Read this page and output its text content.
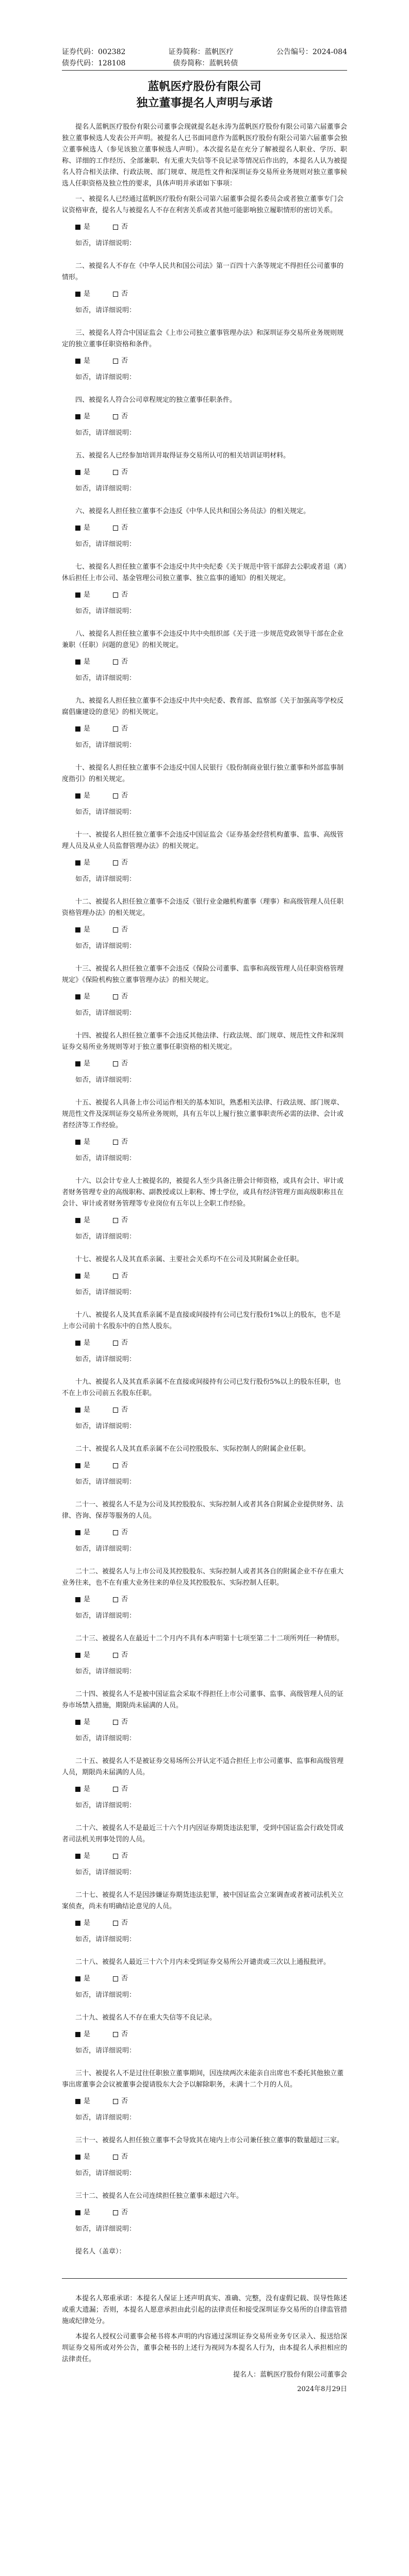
证券代码：002382	证券简称：蓝帆医疗	公告编号：2024-084
债券代码：128108	债券简称：蓝帆转债
蓝帆医疗股份有限公司
独立董事提名人声明与承诺

提名人蓝帆医疗股份有限公司董事会现就提名赵永涛为蓝帆医疗股份有限公司第六届董事会独立董事候选人发表公开声明。被提名人已书面同意作为蓝帆医疗股份有限公司第六届董事会独立董事候选人（参见该独立董事候选人声明）。本次提名是在充分了解被提名人职业、学历、职称、详细的工作经历、全部兼职、有无重大失信等不良记录等情况后作出的，本提名人认为被提名人符合相关法律、行政法规、部门规章、规范性文件和深圳证券交易所业务规则对独立董事候选人任职资格及独立性的要求，具体声明并承诺如下事项：

一、被提名人已经通过蓝帆医疗股份有限公司第六届董事会提名委员会或者独立董事专门会议资格审查，提名人与被提名人不存在利害关系或者其他可能影响独立履职情形的密切关系。
是	否
如否，请详细说明：
二、被提名人不存在《中华人民共和国公司法》第一百四十六条等规定不得担任公司董事的情形。
是	否
如否，请详细说明：
三、被提名人符合中国证监会《上市公司独立董事管理办法》和深圳证券交易所业务规则规定的独立董事任职资格和条件。
是	否
如否，请详细说明：
四、被提名人符合公司章程规定的独立董事任职条件。
是	否
如否，请详细说明：
五、被提名人已经参加培训并取得证券交易所认可的相关培训证明材料。
是	否
如否，请详细说明：
六、被提名人担任独立董事不会违反《中华人民共和国公务员法》的相关规定。
是	否
如否，请详细说明：
七、被提名人担任独立董事不会违反中共中央纪委《关于规范中管干部辞去公职或者退（离）休后担任上市公司、基金管理公司独立董事、独立监事的通知》的相关规定。
是	否
如否，请详细说明：
八、被提名人担任独立董事不会违反中共中央组织部《关于进一步规范党政领导干部在企业兼职（任职）问题的意见》的相关规定。
是	否
如否，请详细说明：
九、被提名人担任独立董事不会违反中共中央纪委、教育部、监察部《关于加强高等学校反腐倡廉建设的意见》的相关规定。
是	否
如否，请详细说明：
十、被提名人担任独立董事不会违反中国人民银行《股份制商业银行独立董事和外部监事制度指引》的相关规定。
是	否
如否，请详细说明：
十一、被提名人担任独立董事不会违反中国证监会《证券基金经营机构董事、监事、高级管理人员及从业人员监督管理办法》的相关规定。
是	否
如否，请详细说明：
十二、被提名人担任独立董事不会违反《银行业金融机构董事（理事）和高级管理人员任职资格管理办法》的相关规定。
是	否
如否，请详细说明：
十三、被提名人担任独立董事不会违反《保险公司董事、监事和高级管理人员任职资格管理规定》《保险机构独立董事管理办法》的相关规定。
是	否
如否，请详细说明：
十四、被提名人担任独立董事不会违反其他法律、行政法规、部门规章、规范性文件和深圳证券交易所业务规则等对于独立董事任职资格的相关规定。
是	否
如否，请详细说明：
十五、被提名人具备上市公司运作相关的基本知识，熟悉相关法律、行政法规、部门规章、规范性文件及深圳证券交易所业务规则，具有五年以上履行独立董事职责所必需的法律、会计或者经济等工作经验。
是	否
如否，请详细说明：
十六、以会计专业人士被提名的，被提名人至少具备注册会计师资格，或具有会计、审计或者财务管理专业的高级职称、副教授或以上职称、博士学位，或具有经济管理方面高级职称且在会计、审计或者财务管理等专业岗位有五年以上全职工作经验。
是	否
如否，请详细说明：
十七、被提名人及其直系亲属、主要社会关系均不在公司及其附属企业任职。
是	否
如否，请详细说明：
十八、被提名人及其直系亲属不是直接或间接持有公司已发行股份1%以上的股东，也不是上市公司前十名股东中的自然人股东。
是	否
如否，请详细说明：
十九、被提名人及其直系亲属不在直接或间接持有公司已发行股份5%以上的股东任职，也不在上市公司前五名股东任职。
是	否
如否，请详细说明：
二十、被提名人及其直系亲属不在公司控股股东、实际控制人的附属企业任职。
是	否
如否，请详细说明：
二十一、被提名人不是为公司及其控股股东、实际控制人或者其各自附属企业提供财务、法律、咨询、保荐等服务的人员。
是	否
如否，请详细说明：
二十二、被提名人与上市公司及其控股股东、实际控制人或者其各自的附属企业不存在重大业务往来，也不在有重大业务往来的单位及其控股股东、实际控制人任职。
是	否
如否，请详细说明：
二十三、被提名人在最近十二个月内不具有本声明第十七项至第二十二项所列任一种情形。
是	否
如否，请详细说明：
二十四、被提名人不是被中国证监会采取不得担任上市公司董事、监事、高级管理人员的证券市场禁入措施，期限尚未届满的人员。
是	否
如否，请详细说明：
二十五、被提名人不是被证券交易场所公开认定不适合担任上市公司董事、监事和高级管理人员，期限尚未届满的人员。
是	否
如否，请详细说明：
二十六、被提名人不是最近三十六个月内因证券期货违法犯罪，受到中国证监会行政处罚或者司法机关刑事处罚的人员。
是	否
如否，请详细说明：
二十七、被提名人不是因涉嫌证券期货违法犯罪，被中国证监会立案调查或者被司法机关立案侦查，尚未有明确结论意见的人员。
是	否
如否，请详细说明：
二十八、被提名人最近三十六个月内未受到证券交易所公开谴责或三次以上通报批评。
是	否
如否，请详细说明：
二十九、被提名人不存在重大失信等不良记录。
是	否
如否，请详细说明：
三十、被提名人不是过往任职独立董事期间，因连续两次未能亲自出席也不委托其他独立董事出席董事会会议被董事会提请股东大会予以解除职务，未满十二个月的人员。
是	否
如否，请详细说明：
三十一、被提名人担任独立董事不会导致其在境内上市公司兼任独立董事的数量超过三家。
是	否
如否，请详细说明：
三十二、被提名人在公司连续担任独立董事未超过六年。
是	否
如否，请详细说明：
提名人（盖章）：

本提名人郑重承诺：本提名人保证上述声明真实、准确、完整，没有虚假记载、误导性陈述或重大遗漏；否则，本提名人愿意承担由此引起的法律责任和接受深圳证券交易所的自律监管措施或纪律处分。

本提名人授权公司董事会秘书将本声明的内容通过深圳证券交易所业务专区录入、报送给深圳证券交易所或对外公告，董事会秘书的上述行为视同为本提名人行为，由本提名人承担相应的法律责任。

提名人：蓝帆医疗股份有限公司董事会

2024年8月29日
